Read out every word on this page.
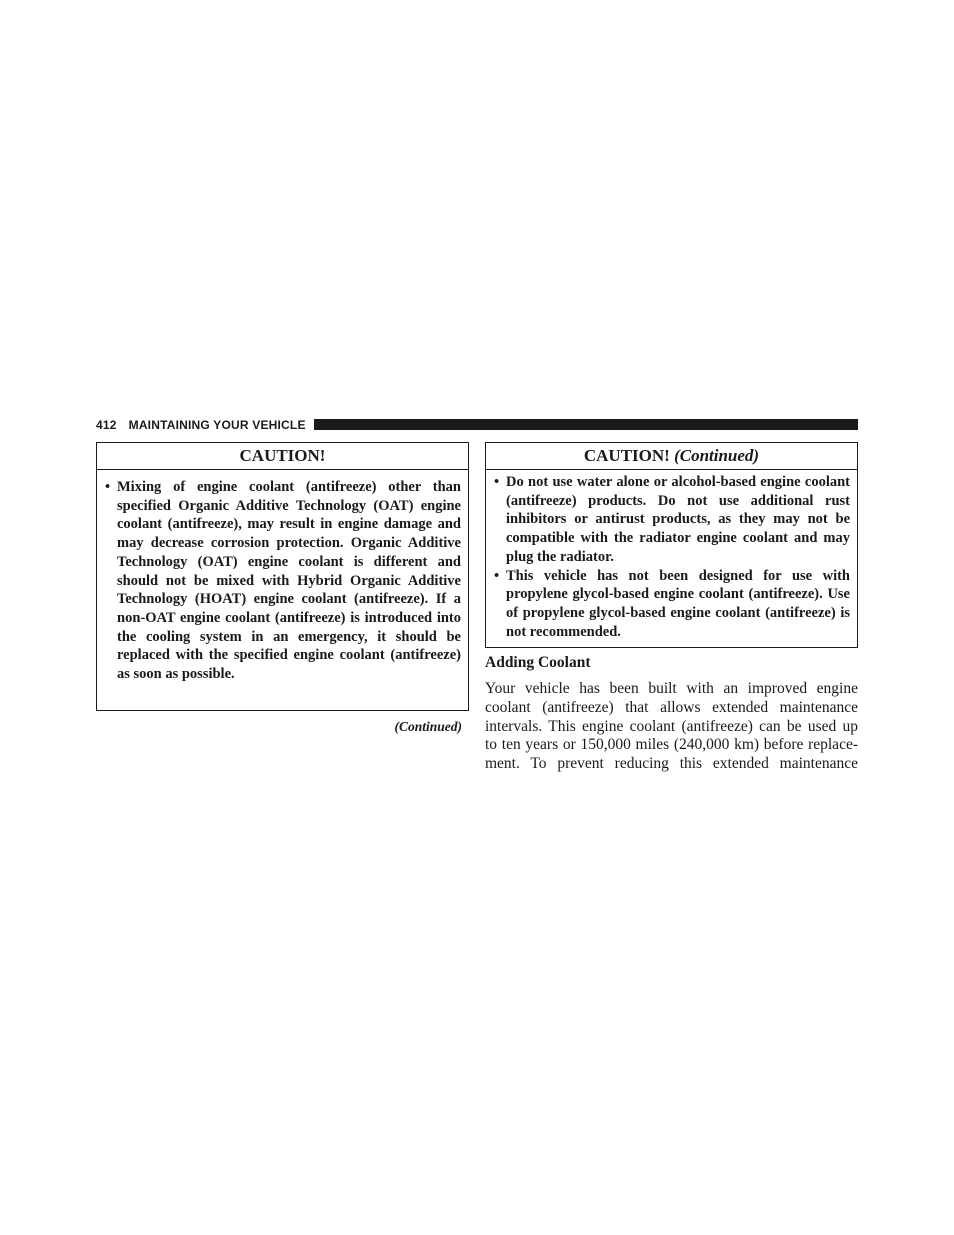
412 MAINTAINING YOUR VEHICLE
CAUTION!
• Mixing of engine coolant (antifreeze) other than specified Organic Additive Technology (OAT) engine coolant (antifreeze), may result in engine damage and may decrease corrosion protection. Organic Additive Technology (OAT) engine coolant is different and should not be mixed with Hybrid Organic Additive Technology (HOAT) engine coolant (antifreeze). If a non-OAT engine coolant (antifreeze) is introduced into the cooling system in an emergency, it should be replaced with the specified engine coolant (antifreeze) as soon as possible.
(Continued)
CAUTION! (Continued)
• Do not use water alone or alcohol-based engine coolant (antifreeze) products. Do not use additional rust inhibitors or antirust products, as they may not be compatible with the radiator engine coolant and may plug the radiator.
• This vehicle has not been designed for use with propylene glycol-based engine coolant (antifreeze). Use of propylene glycol-based engine coolant (antifreeze) is not recommended.
Adding Coolant
Your vehicle has been built with an improved engine
coolant (antifreeze) that allows extended maintenance
intervals. This engine coolant (antifreeze) can be used up
to ten years or 150,000 miles (240,000 km) before replace-
ment. To prevent reducing this extended maintenance
